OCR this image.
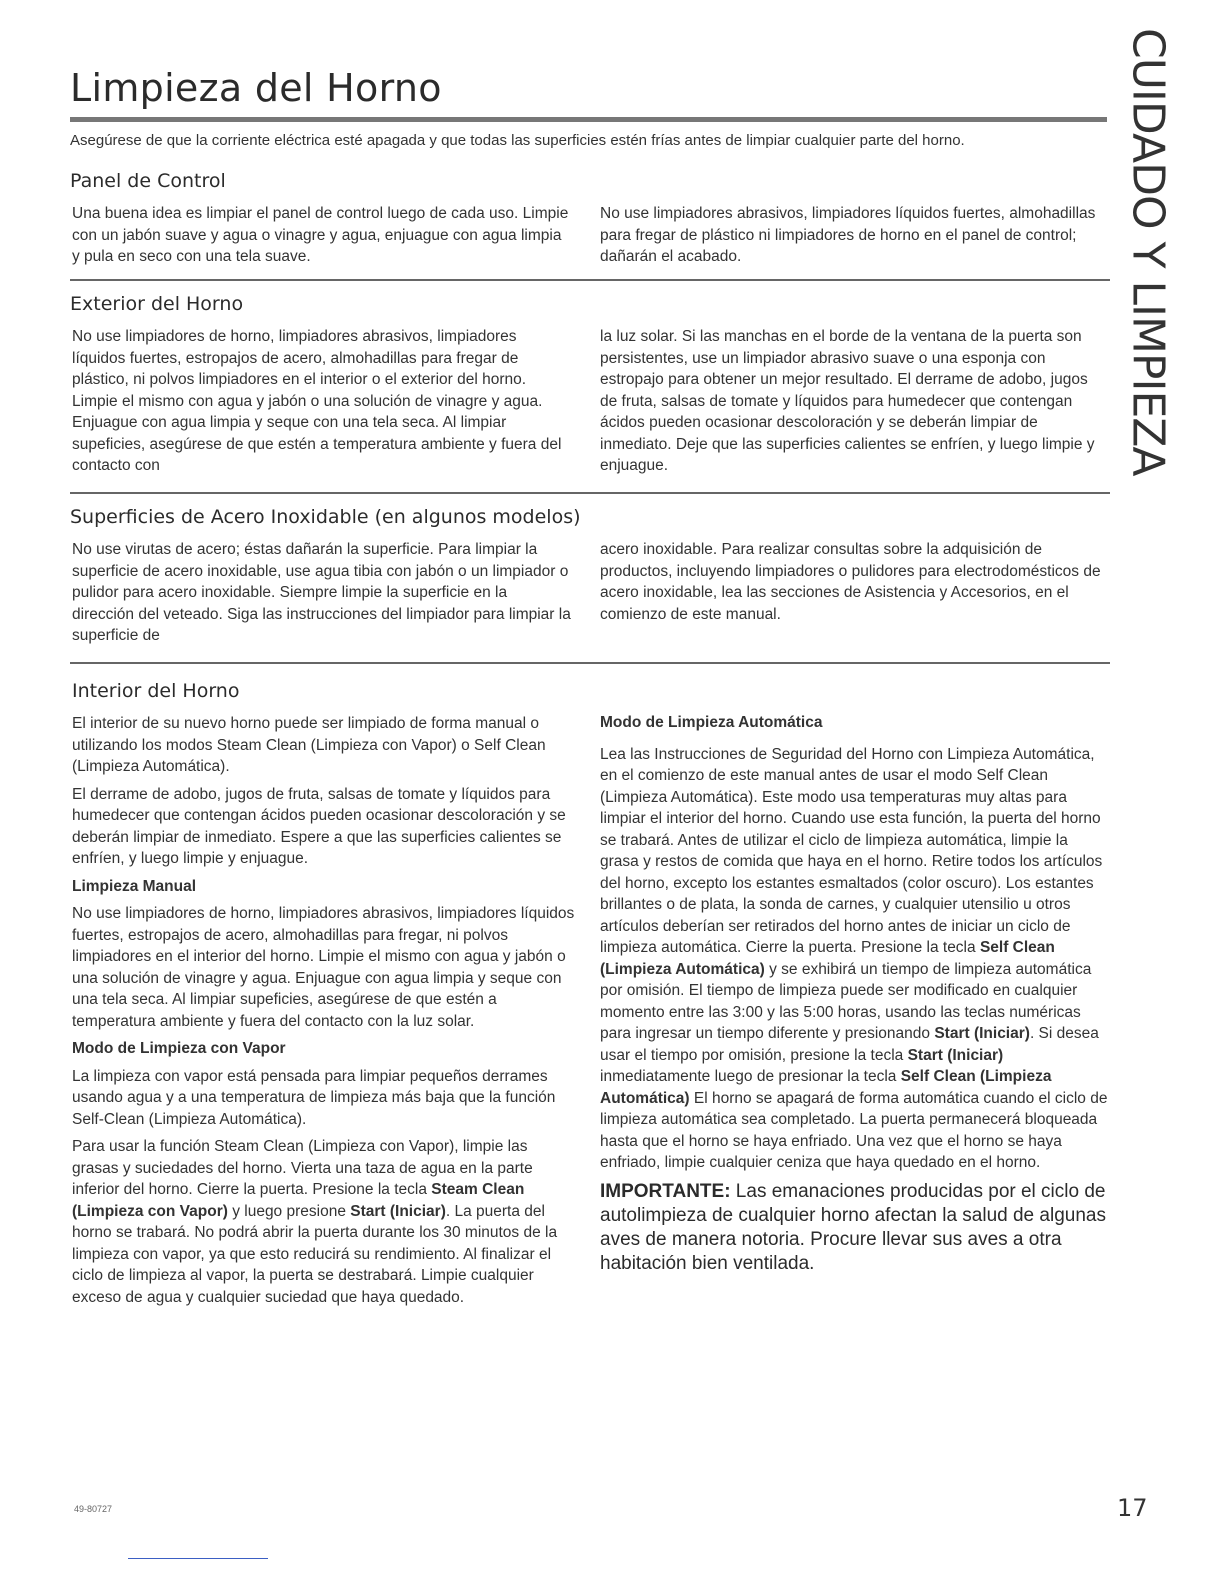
Limpieza del Horno

Asegúrese de que la corriente eléctrica esté apagada y que todas las superficies estén frías antes de limpiar cualquier parte del horno.	CUIDADO Y LIMPIEZA
Panel de Control
Una buena idea es limpiar el panel de control luego de cada uso. Limpie con un jabón suave y agua o vinagre y agua, enjuague con agua limpia y pula en seco con una tela suave.
No use limpiadores abrasivos, limpiadores líquidos fuertes, almohadillas para fregar de plástico ni limpiadores de horno en el panel de control; dañarán el acabado.
Exterior del Horno
No use limpiadores de horno, limpiadores abrasivos, limpiadores líquidos fuertes, estropajos de acero, almohadillas para fregar de plástico, ni polvos limpiadores en el interior o el exterior del horno. Limpie el mismo con agua y jabón o una solución de vinagre y agua. Enjuague con agua limpia y seque con una tela seca. Al limpiar supeficies, asegúrese de que estén a temperatura ambiente y fuera del contacto con
la luz solar. Si las manchas en el borde de la ventana de la puerta son persistentes, use un limpiador abrasivo suave o una esponja con estropajo para obtener un mejor resultado. El derrame de adobo, jugos de fruta, salsas de tomate y líquidos para humedecer que contengan ácidos pueden ocasionar descoloración y se deberán limpiar de inmediato. Deje que las superficies calientes se enfríen, y luego limpie y enjuague.
Superficies de Acero Inoxidable (en algunos modelos)
No use virutas de acero; éstas dañarán la superficie. Para limpiar la superficie de acero inoxidable, use agua tibia con jabón o un limpiador o pulidor para acero inoxidable. Siempre limpie la superficie en la dirección del veteado. Siga las instrucciones del limpiador para limpiar la superficie de
acero inoxidable. Para realizar consultas sobre la adquisición de productos, incluyendo limpiadores o pulidores para electrodomésticos de acero inoxidable, lea las secciones de Asistencia y Accesorios, en el comienzo de este manual.
Interior del Horno

El interior de su nuevo horno puede ser limpiado de forma manual o utilizando los modos Steam Clean (Limpieza con Vapor) o Self Clean (Limpieza Automática).

El derrame de adobo, jugos de fruta, salsas de tomate y líquidos para humedecer que contengan ácidos pueden ocasionar descoloración y se deberán limpiar de inmediato. Espere a que las superficies calientes se enfríen, y luego limpie y enjuague.

Limpieza Manual

No use limpiadores de horno, limpiadores abrasivos, limpiadores líquidos fuertes, estropajos de acero, almohadillas para fregar, ni polvos limpiadores en el interior del horno. Limpie el mismo con agua y jabón o una solución de vinagre y agua. Enjuague con agua limpia y seque con una tela seca. Al limpiar supeficies, asegúrese de que estén a temperatura ambiente y fuera del contacto con la luz solar.

Modo de Limpieza con Vapor

La limpieza con vapor está pensada para limpiar pequeños derrames usando agua y a una temperatura de limpieza más baja que la función Self-Clean (Limpieza Automática).

Para usar la función Steam Clean (Limpieza con Vapor), limpie las grasas y suciedades del horno. Vierta una taza de agua en la parte inferior del horno. Cierre la puerta. Presione la tecla Steam Clean (Limpieza con Vapor) y luego presione Start (Iniciar). La puerta del horno se trabará. No podrá abrir la puerta durante los 30 minutos de la limpieza con vapor, ya que esto reducirá su rendimiento. Al finalizar el ciclo de limpieza al vapor, la puerta se destrabará. Limpie cualquier exceso de agua y cualquier suciedad que haya quedado.

Modo de Limpieza Automática

Lea las Instrucciones de Seguridad del Horno con Limpieza Automática, en el comienzo de este manual antes de usar el modo Self Clean (Limpieza Automática). Este modo usa temperaturas muy altas para limpiar el interior del horno. Cuando use esta función, la puerta del horno se trabará. Antes de utilizar el ciclo de limpieza automática, limpie la grasa y restos de comida que haya en el horno. Retire todos los artículos del horno, excepto los estantes esmaltados (color oscuro). Los estantes brillantes o de plata, la sonda de carnes, y cualquier utensilio u otros artículos deberían ser retirados del horno antes de iniciar un ciclo de limpieza automática. Cierre la puerta. Presione la tecla Self Clean (Limpieza Automática) y se exhibirá un tiempo de limpieza automática por omisión. El tiempo de limpieza puede ser modificado en cualquier momento entre las 3:00 y las 5:00 horas, usando las teclas numéricas para ingresar un tiempo diferente y presionando Start (Iniciar). Si desea usar el tiempo por omisión, presione la tecla Start (Iniciar) inmediatamente luego de presionar la tecla Self Clean (Limpieza Automática) El horno se apagará de forma automática cuando el ciclo de limpieza automática sea completado. La puerta permanecerá bloqueada hasta que el horno se haya enfriado. Una vez que el horno se haya enfriado, limpie cualquier ceniza que haya quedado en el horno.

IMPORTANTE: Las emanaciones producidas por el ciclo de autolimpieza de cualquier horno afectan la salud de algunas aves de manera notoria. Procure llevar sus aves a otra habitación bien ventilada.

49-80727	17
